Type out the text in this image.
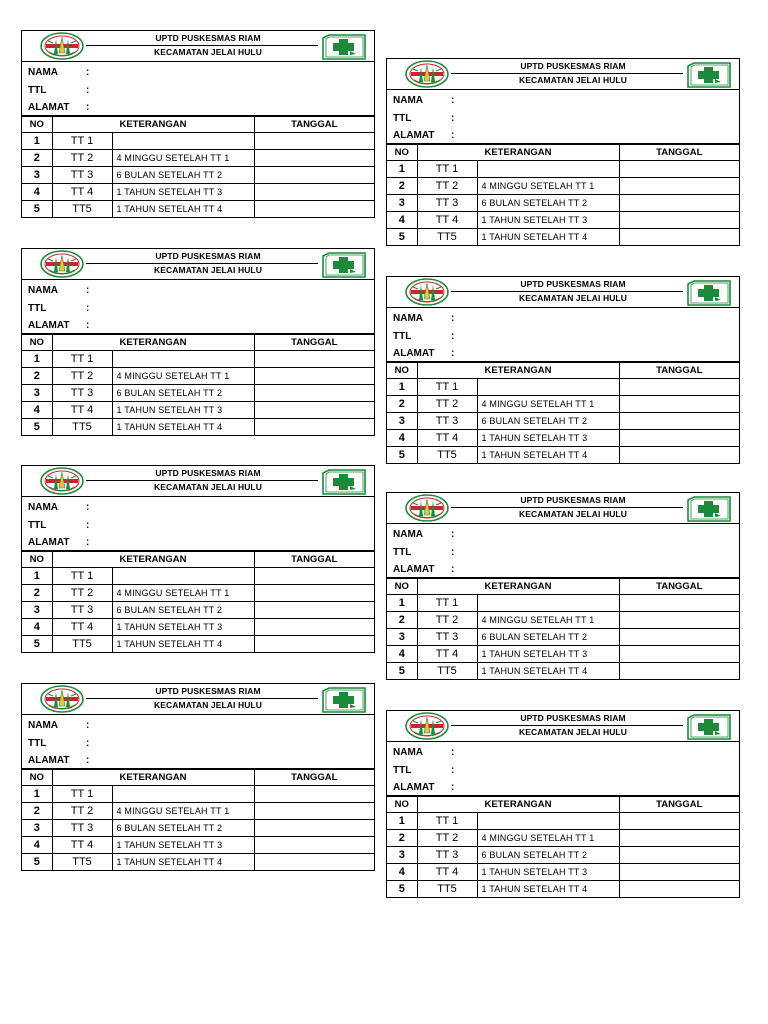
UPTD PUSKESMAS RIAM
KECAMATAN JELAI HULU
NAMA	:
TTL	:
ALAMAT :
NO	KETERANGAN		TANGGAL
1	TT 1		
2	TT 2	4 MINGGU SETELAH TT 1	
3	TT 3	6 BULAN SETELAH TT 2	
4	TT 4	1 TAHUN SETELAH TT 3	
5	TT5	1 TAHUN SETELAH TT 4	
UPTD PUSKESMAS RIAM
KECAMATAN JELAI HULU
NAMA	:
TTL	:
ALAMAT :
NO	KETERANGAN		TANGGAL
1	TT 1		
2	TT 2	4 MINGGU SETELAH TT 1	
3	TT 3	6 BULAN SETELAH TT 2	
4	TT 4	1 TAHUN SETELAH TT 3	
5	TT5	1 TAHUN SETELAH TT 4	
UPTD PUSKESMAS RIAM
KECAMATAN JELAI HULU
NAMA	:
TTL	:
ALAMAT :
NO	KETERANGAN		TANGGAL
1	TT 1		
2	TT 2	4 MINGGU SETELAH TT 1	
3	TT 3	6 BULAN SETELAH TT 2	
4	TT 4	1 TAHUN SETELAH TT 3	
5	TT5	1 TAHUN SETELAH TT 4	
UPTD PUSKESMAS RIAM
KECAMATAN JELAI HULU
NAMA	:
TTL	:
ALAMAT :
NO	KETERANGAN		TANGGAL
1	TT 1		
2	TT 2	4 MINGGU SETELAH TT 1	
3	TT 3	6 BULAN SETELAH TT 2	
4	TT 4	1 TAHUN SETELAH TT 3	
5	TT5	1 TAHUN SETELAH TT 4	
UPTD PUSKESMAS RIAM
KECAMATAN JELAI HULU
NAMA	:
TTL	:
ALAMAT :
NO	KETERANGAN		TANGGAL
1	TT 1		
2	TT 2	4 MINGGU SETELAH TT 1	
3	TT 3	6 BULAN SETELAH TT 2	
4	TT 4	1 TAHUN SETELAH TT 3	
5	TT5	1 TAHUN SETELAH TT 4	
UPTD PUSKESMAS RIAM
KECAMATAN JELAI HULU
NAMA	:
TTL	:
ALAMAT :
NO	KETERANGAN		TANGGAL
1	TT 1		
2	TT 2	4 MINGGU SETELAH TT 1	
3	TT 3	6 BULAN SETELAH TT 2	
4	TT 4	1 TAHUN SETELAH TT 3	
5	TT5	1 TAHUN SETELAH TT 4	
UPTD PUSKESMAS RIAM
KECAMATAN JELAI HULU
NAMA	:
TTL	:
ALAMAT :
NO	KETERANGAN		TANGGAL
1	TT 1		
2	TT 2	4 MINGGU SETELAH TT 1	
3	TT 3	6 BULAN SETELAH TT 2	
4	TT 4	1 TAHUN SETELAH TT 3	
5	TT5	1 TAHUN SETELAH TT 4	
UPTD PUSKESMAS RIAM
KECAMATAN JELAI HULU
NAMA	:
TTL	:
ALAMAT :
NO	KETERANGAN		TANGGAL
1	TT 1		
2	TT 2	4 MINGGU SETELAH TT 1	
3	TT 3	6 BULAN SETELAH TT 2	
4	TT 4	1 TAHUN SETELAH TT 3	
5	TT5	1 TAHUN SETELAH TT 4	
